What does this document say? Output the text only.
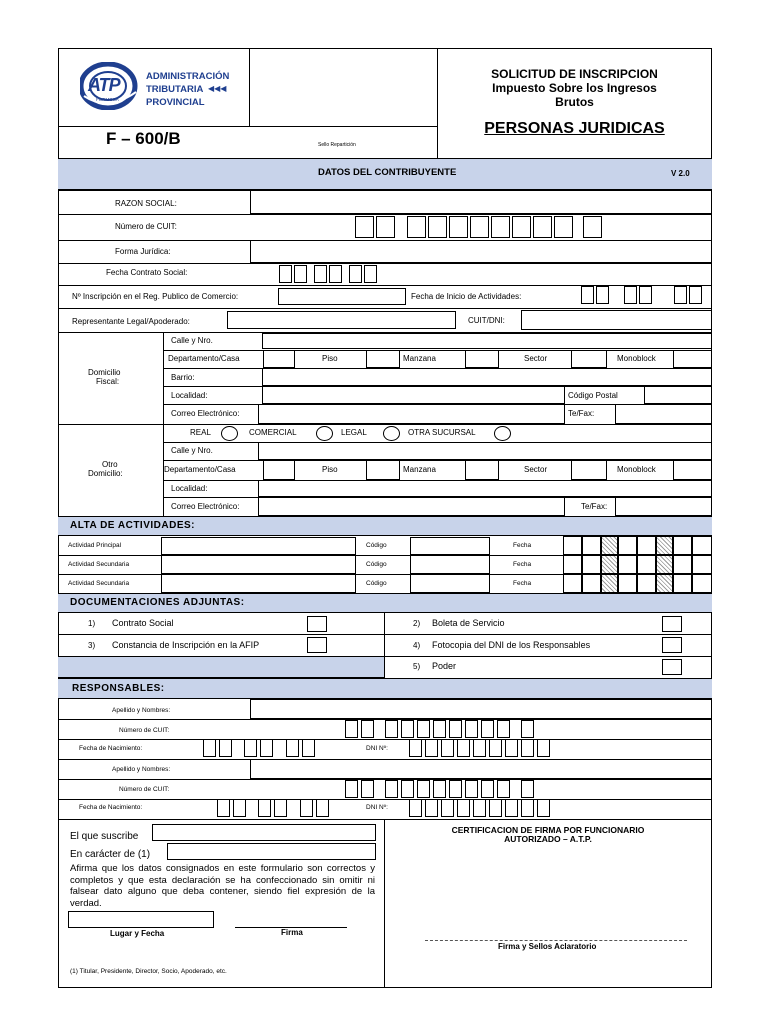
ATP
FORMOSA
ADMINISTRACIÓN
TRIBUTARIA ◀◀◀
PROVINCIAL
F – 600/B	Sello Repartición
SOLICITUD DE INSCRIPCION
Impuesto Sobre los Ingresos
Brutos
PERSONAS JURIDICAS
DATOS DEL CONTRIBUYENTE	V 2.0
RAZON SOCIAL:
Número de CUIT:
Forma Jurídica:
Fecha Contrato Social:
Nº Inscripción en el Reg. Publico de Comercio:	Fecha de Inicio de Actividades:
Representante Legal/Apoderado:	CUIT/DNI:
Domicilio
Fiscal:
Calle y Nro.
Departamento/Casa	Piso	Manzana	Sector	Monoblock
Barrio:
Localidad:	Código Postal
Correo Electrónico:	Te/Fax:
REAL	COMERCIAL	LEGAL	OTRA SUCURSAL
Otro
Domicilio:
Calle y Nro.
Departamento/Casa	Piso	Manzana	Sector	Monoblock
Localidad:
Correo Electrónico:	Te/Fax:
ALTA DE ACTIVIDADES:
Actividad Principal	Código	Fecha
Actividad Secundaria	Código	Fecha
Actividad Secundaria	Código	Fecha
DOCUMENTACIONES ADJUNTAS:
1) Contrato Social	2) Boleta de Servicio
3) Constancia de Inscripción en la AFIP	4) Fotocopia del DNI de los Responsables
5) Poder
RESPONSABLES:
Apellido y Nombres:
Número de CUIT:
Fecha de Nacimiento:	DNI Nº:
Apellido y Nombres:
Número de CUIT:
Fecha de Nacimiento:	DNI Nº:
El que suscribe
En carácter de (1)
Afirma que los datos consignados en este formulario son correctos y completos y que esta declaración se ha confeccionado sin omitir ni falsear dato alguno que deba contener, siendo fiel expresión de la verdad.
Lugar y Fecha	Firma
(1) Titular, Presidente, Director, Socio, Apoderado, etc.
CERTIFICACION DE FIRMA POR FUNCIONARIO
AUTORIZADO – A.T.P.
Firma y Sellos Aclaratorio
